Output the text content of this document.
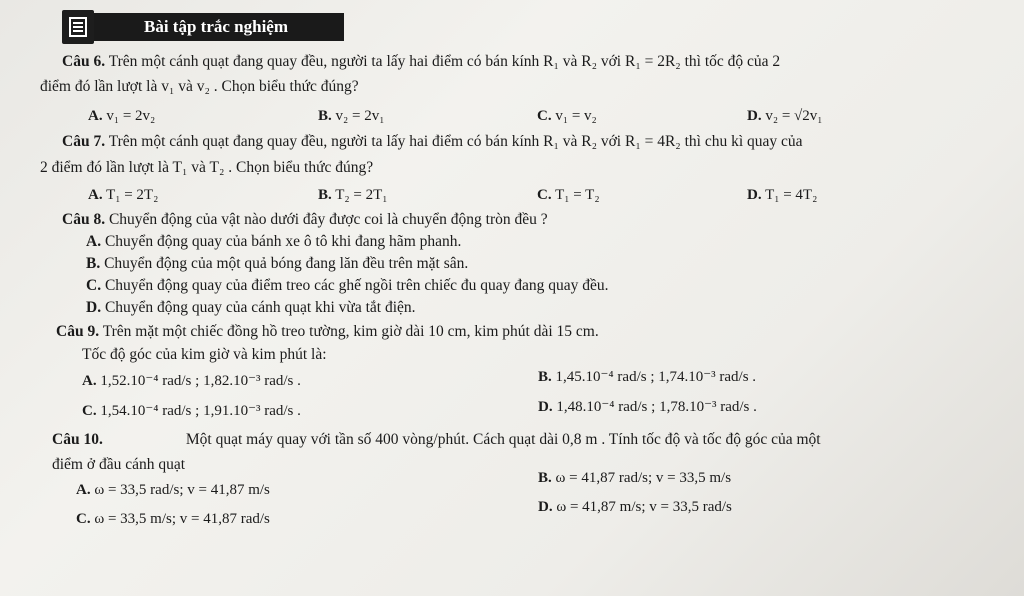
Bài tập trắc nghiệm
Câu 6. Trên một cánh quạt đang quay đều, người ta lấy hai điểm có bán kính R₁ và R₂ với R₁ = 2R₂ thì tốc độ của 2
điểm đó lần lượt là v₁ và v₂ . Chọn biểu thức đúng?
A. v₁ = 2v₂	B. v₂ = 2v₁	C. v₁ = v₂	D. v₂ = √2v₁
Câu 7. Trên một cánh quạt đang quay đều, người ta lấy hai điểm có bán kính R₁ và R₂ với R₁ = 4R₂ thì chu kì quay của
2 điểm đó lần lượt là T₁ và T₂ . Chọn biểu thức đúng?
A. T₁ = 2T₂	B. T₂ = 2T₁	C. T₁ = T₂	D. T₁ = 4T₂
Câu 8. Chuyển động của vật nào dưới đây được coi là chuyển động tròn đều ?
A. Chuyển động quay của bánh xe ô tô khi đang hãm phanh.
B. Chuyển động của một quả bóng đang lăn đều trên mặt sân.
C. Chuyển động quay của điểm treo các ghế ngồi trên chiếc đu quay đang quay đều.
D. Chuyển động quay của cánh quạt khi vừa tắt điện.
Câu 9. Trên mặt một chiếc đồng hồ treo tường, kim giờ dài 10 cm, kim phút dài 15 cm.
Tốc độ góc của kim giờ và kim phút là:
A. 1,52.10⁻⁴ rad/s ; 1,82.10⁻³ rad/s .	B. 1,45.10⁻⁴ rad/s ; 1,74.10⁻³ rad/s .
C. 1,54.10⁻⁴ rad/s ; 1,91.10⁻³ rad/s .	D. 1,48.10⁻⁴ rad/s ; 1,78.10⁻³ rad/s .
Câu 10.	Một quạt máy quay với tần số 400 vòng/phút. Cách quạt dài 0,8 m . Tính tốc độ và tốc độ góc của một
điểm ở đầu cánh quạt
A. ω = 33,5 rad/s; v = 41,87 m/s
B. ω = 41,87 rad/s; v = 33,5 m/s
C. ω = 33,5 m/s; v = 41,87 rad/s
D. ω = 41,87 m/s; v = 33,5 rad/s
